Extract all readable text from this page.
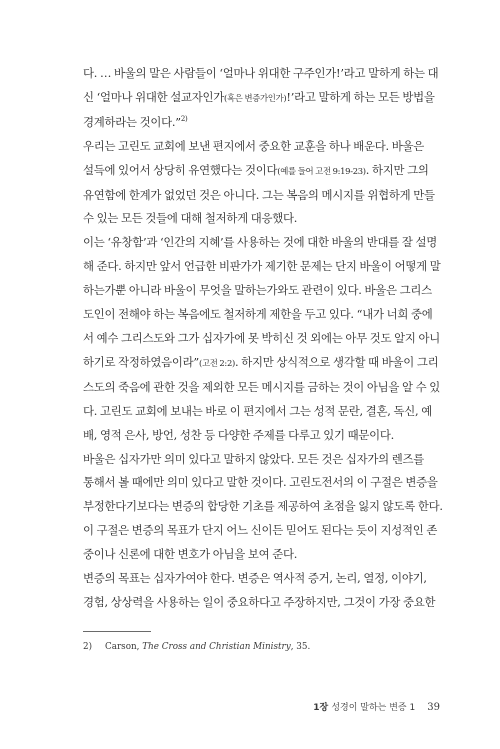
다. … 바울의 말은 사람들이 ‘얼마나 위대한 구주인가!’라고 말하게 하는 대
신 ‘얼마나 위대한 설교자인가(혹은 변증가인가)!’라고 말하게 하는 모든 방법을
경계하라는 것이다.”$^{2)}$
우리는 고린도 교회에 보낸 편지에서 중요한 교훈을 하나 배운다. 바울은
설득에 있어서 상당히 유연했다는 것이다(예를 들어 고전 9:19-23). 하지만 그의
유연함에 한계가 없었던 것은 아니다. 그는 복음의 메시지를 위협하게 만들
수 있는 모든 것들에 대해 철저하게 대응했다.
이는 ‘유창함’과 ‘인간의 지혜’를 사용하는 것에 대한 바울의 반대를 잘 설명
해 준다. 하지만 앞서 언급한 비판가가 제기한 문제는 단지 바울이 어떻게 말
하는가뿐 아니라 바울이 무엇을 말하는가와도 관련이 있다. 바울은 그리스
도인이 전해야 하는 복음에도 철저하게 제한을 두고 있다. “내가 너희 중에
서 예수 그리스도와 그가 십자가에 못 박히신 것 외에는 아무 것도 알지 아니
하기로 작정하였음이라”(고전 2:2). 하지만 상식적으로 생각할 때 바울이 그리
스도의 죽음에 관한 것을 제외한 모든 메시지를 금하는 것이 아님을 알 수 있
다. 고린도 교회에 보내는 바로 이 편지에서 그는 성적 문란, 결혼, 독신, 예
배, 영적 은사, 방언, 성찬 등 다양한 주제를 다루고 있기 때문이다.
바울은 십자가만 의미 있다고 말하지 않았다. 모든 것은 십자가의 렌즈를
통해서 볼 때에만 의미 있다고 말한 것이다. 고린도전서의 이 구절은 변증을
부정한다기보다는 변증의 합당한 기초를 제공하여 초점을 잃지 않도록 한다.
이 구절은 변증의 목표가 단지 어느 신이든 믿어도 된다는 듯이 지성적인 존
중이나 신론에 대한 변호가 아님을 보여 준다.
변증의 목표는 십자가여야 한다. 변증은 역사적 증거, 논리, 열정, 이야기,
경험, 상상력을 사용하는 일이 중요하다고 주장하지만, 그것이 가장 중요한
2) Carson, The Cross and Christian Ministry, 35.
1장 성경이 말하는 변증 1 39
